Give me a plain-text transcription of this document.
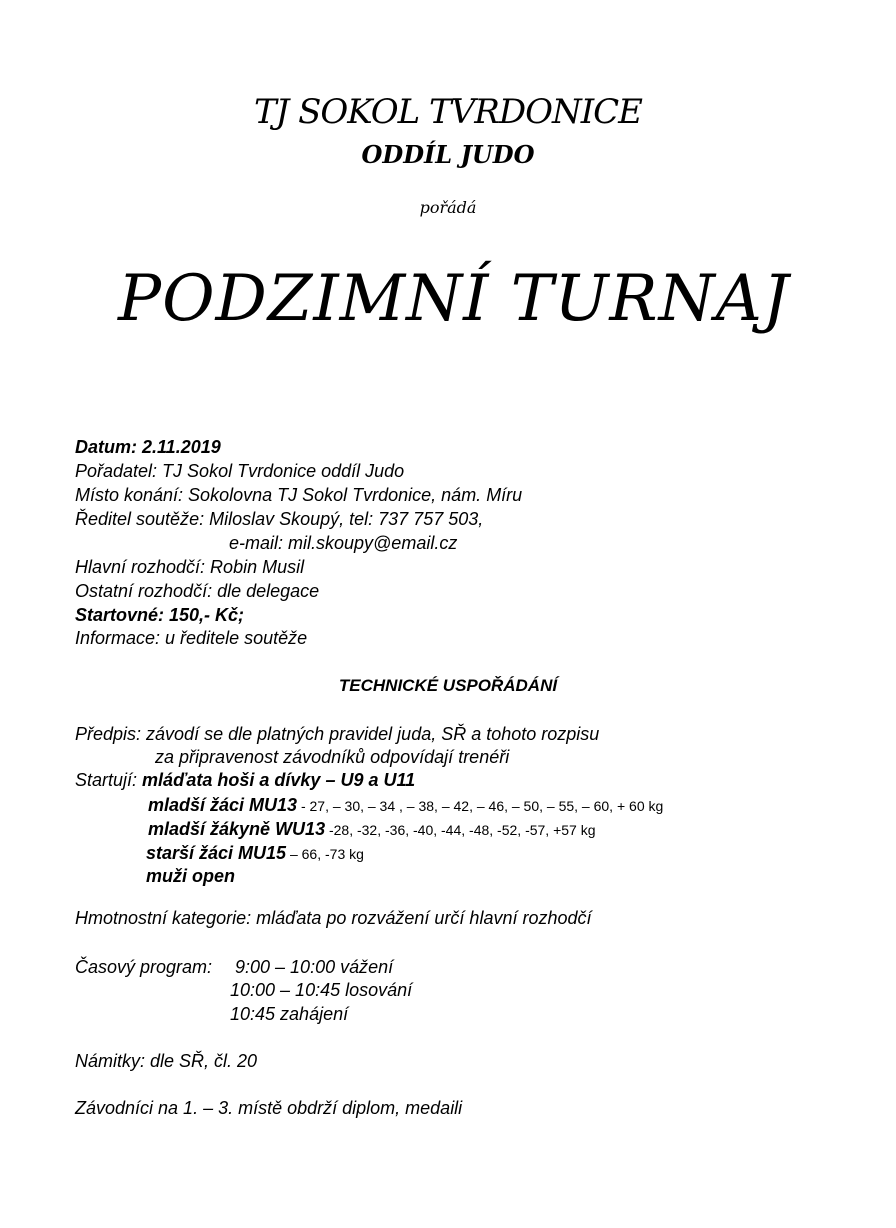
TJ SOKOL TVRDONICE
ODDÍL JUDO
pořádá
PODZIMNÍ TURNAJ
Datum: 2.11.2019
Pořadatel: TJ Sokol Tvrdonice oddíl Judo
Místo konání: Sokolovna TJ Sokol Tvrdonice, nám. Míru
Ředitel soutěže: Miloslav Skoupý, tel: 737 757 503,
e-mail: mil.skoupy@email.cz
Hlavní rozhodčí: Robin Musil
Ostatní rozhodčí: dle delegace
Startovné: 150,- Kč;
Informace: u ředitele soutěže
TECHNICKÉ USPOŘÁDÁNÍ
Předpis: závodí se dle platných pravidel juda, SŘ a tohoto rozpisu
za připravenost závodníků odpovídají trenéři
Startují: mláďata hoši a dívky – U9 a U11
mladší žáci MU13 - 27, – 30, – 34 , – 38, – 42, – 46, – 50, – 55, – 60, + 60 kg
mladší žákyně WU13 -28, -32, -36, -40, -44, -48, -52, -57, +57 kg
starší žáci MU15 – 66, -73 kg
muži open
Hmotnostní kategorie: mláďata po rozvážení určí hlavní rozhodčí
Časový program: 9:00 – 10:00 vážení
10:00 – 10:45 losování
10:45 zahájení
Námitky: dle SŘ, čl. 20
Závodníci na 1. – 3. místě obdrží diplom, medaili
